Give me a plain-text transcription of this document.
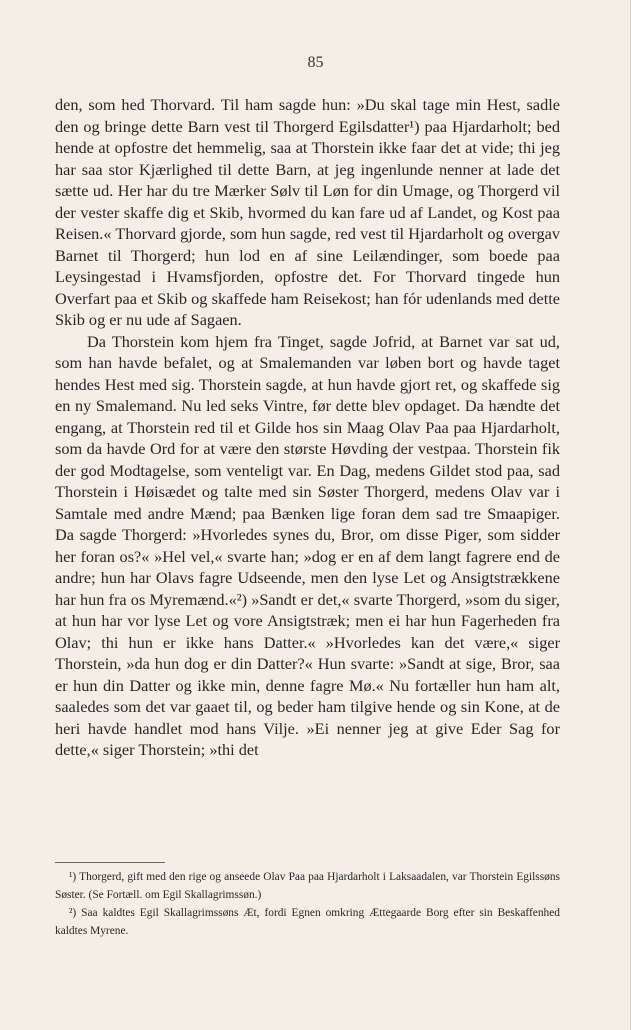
85

den, som hed Thorvard. Til ham sagde hun: »Du skal tage min Hest, sadle den og bringe dette Barn vest til Thorgerd Egilsdatter¹) paa Hjardarholt; bed hende at opfostre det hemmelig, saa at Thorstein ikke faar det at vide; thi jeg har saa stor Kjærlighed til dette Barn, at jeg ingenlunde nenner at lade det sætte ud. Her har du tre Mærker Sølv til Løn for din Umage, og Thorgerd vil der vester skaffe dig et Skib, hvormed du kan fare ud af Landet, og Kost paa Reisen.« Thorvard gjorde, som hun sagde, red vest til Hjardarholt og overgav Barnet til Thorgerd; hun lod en af sine Leilændinger, som boede paa Leysingestad i Hvamsfjorden, opfostre det. For Thorvard tingede hun Overfart paa et Skib og skaffede ham Reisekost; han fór udenlands med dette Skib og er nu ude af Sagaen.

Da Thorstein kom hjem fra Tinget, sagde Jofrid, at Barnet var sat ud, som han havde befalet, og at Smalemanden var løben bort og havde taget hendes Hest med sig. Thorstein sagde, at hun havde gjort ret, og skaffede sig en ny Smalemand. Nu led seks Vintre, før dette blev opdaget. Da hændte det engang, at Thorstein red til et Gilde hos sin Maag Olav Paa paa Hjardarholt, som da havde Ord for at være den største Høvding der vestpaa. Thorstein fik der god Modtagelse, som venteligt var. En Dag, medens Gildet stod paa, sad Thorstein i Høisædet og talte med sin Søster Thorgerd, medens Olav var i Samtale med andre Mænd; paa Bænken lige foran dem sad tre Smaapiger. Da sagde Thorgerd: »Hvorledes synes du, Bror, om disse Piger, som sidder her foran os?« »Hel vel,« svarte han; »dog er en af dem langt fagrere end de andre; hun har Olavs fagre Udseende, men den lyse Let og Ansigtstrækkene har hun fra os Myremænd.«²) »Sandt er det,« svarte Thorgerd, »som du siger, at hun har vor lyse Let og vore Ansigtstræk; men ei har hun Fagerheden fra Olav; thi hun er ikke hans Datter.« »Hvorledes kan det være,« siger Thorstein, »da hun dog er din Datter?« Hun svarte: »Sandt at sige, Bror, saa er hun din Datter og ikke min, denne fagre Mø.« Nu fortæller hun ham alt, saaledes som det var gaaet til, og beder ham tilgive hende og sin Kone, at de heri havde handlet mod hans Vilje. »Ei nenner jeg at give Eder Sag for dette,« siger Thorstein; »thi det

¹) Thorgerd, gift med den rige og anseede Olav Paa paa Hjardarholt i Laksaadalen, var Thorstein Egilssøns Søster. (Se Fortæll. om Egil Skallagrimssøn.)

²) Saa kaldtes Egil Skallagrimssøns Æt, fordi Egnen omkring Ættegaarde Borg efter sin Beskaffenhed kaldtes Myrene.
